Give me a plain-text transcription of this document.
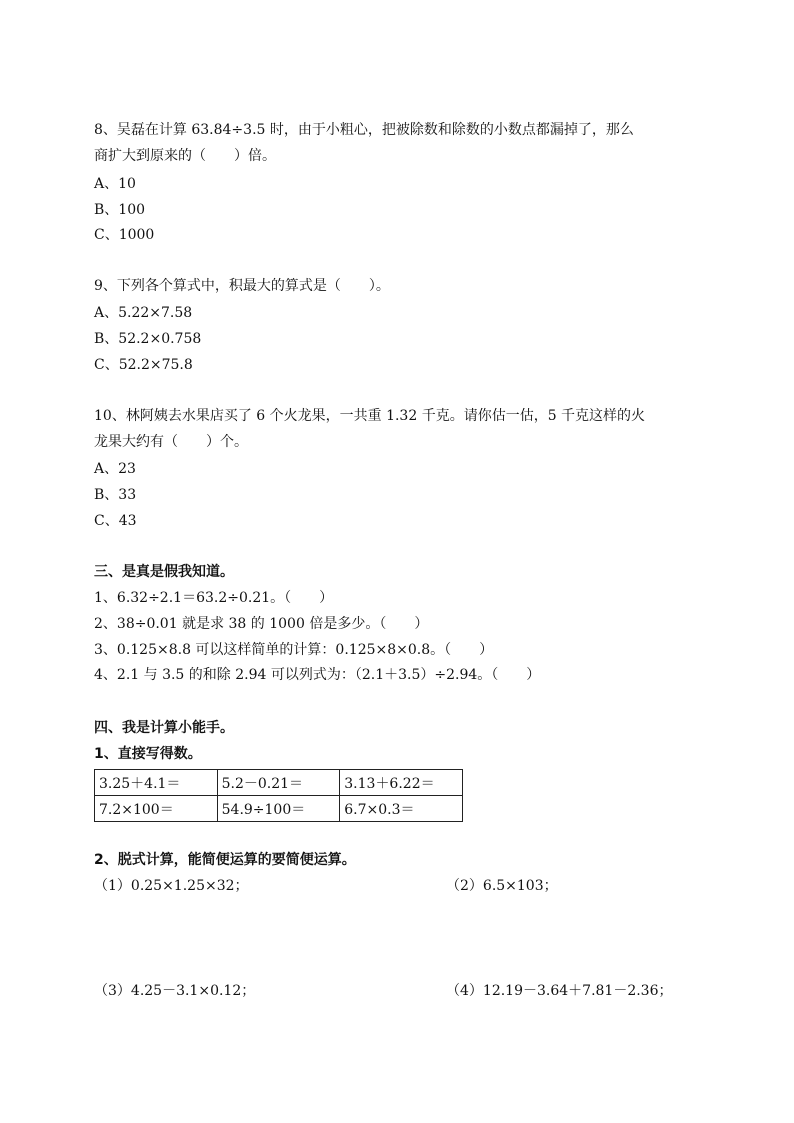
8、吴磊在计算 63.84÷3.5 时，由于小粗心，把被除数和除数的小数点都漏掉了，那么
商扩大到原来的（　　）倍。
A、10
B、100
C、1000
9、下列各个算式中，积最大的算式是（　　）。
A、5.22×7.58
B、52.2×0.758
C、52.2×75.8
10、林阿姨去水果店买了 6 个火龙果，一共重 1.32 千克。请你估一估，5 千克这样的火
龙果大约有（　　）个。
A、23
B、33
C、43
三、是真是假我知道。
1、6.32÷2.1＝63.2÷0.21。（　　）
2、38÷0.01 就是求 38 的 1000 倍是多少。（　　）
3、0.125×8.8 可以这样简单的计算：0.125×8×0.8。（　　）
4、2.1 与 3.5 的和除 2.94 可以列式为：（2.1＋3.5）÷2.94。（　　）
四、我是计算小能手。
1、直接写得数。
3.25＋4.1＝	5.2－0.21＝	3.13＋6.22＝
7.2×100＝	54.9÷100＝	6.7×0.3＝
2、脱式计算，能简便运算的要简便运算。
（1）0.25×1.25×32；	（2）6.5×103；
（3）4.25－3.1×0.12；	（4）12.19－3.64＋7.81－2.36；
